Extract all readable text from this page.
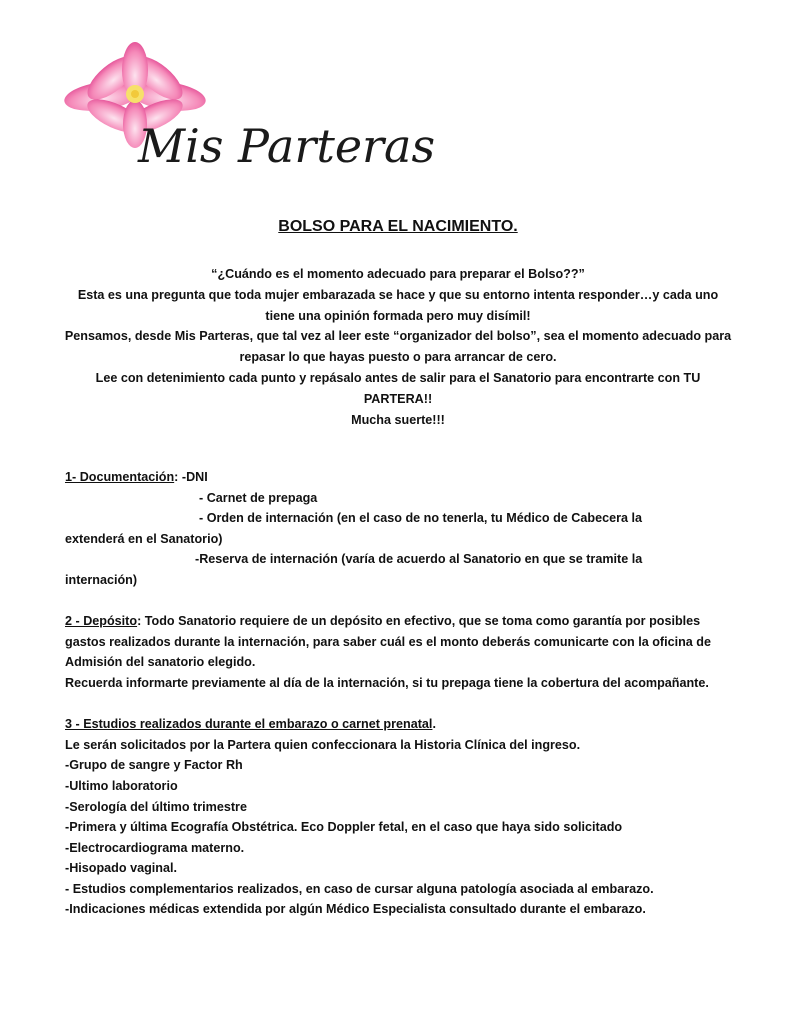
Mis Parteras
BOLSO PARA EL NACIMIENTO.

“¿Cuándo es el momento adecuado para preparar el Bolso??”

Esta es una pregunta que toda mujer embarazada se hace y que su entorno intenta responder…y cada uno tiene una opinión formada pero muy disímil!

Pensamos, desde Mis Parteras, que tal vez al leer este “organizador del bolso”, sea el momento adecuado para repasar lo que hayas puesto o para arrancar de cero.

Lee con detenimiento cada punto y repásalo antes de salir para el Sanatorio para encontrarte con TU PARTERA!!

Mucha suerte!!!

1- Documentación: -DNI

- Carnet de prepaga

- Orden de internación (en el caso de no tenerla, tu Médico de Cabecera la

extenderá en el Sanatorio)

-Reserva de internación (varía de acuerdo al Sanatorio en que se tramite la

internación)

2 - Depósito: Todo Sanatorio requiere de un depósito en efectivo, que se toma como garantía por posibles gastos realizados durante la internación, para saber cuál es el monto deberás comunicarte con la oficina de Admisión del sanatorio elegido.

Recuerda informarte previamente al día de la internación, si tu prepaga tiene la cobertura del acompañante.

3 - Estudios realizados durante el embarazo o carnet prenatal.

Le serán solicitados por la Partera quien confeccionara la Historia Clínica del ingreso.

-Grupo de sangre y Factor Rh

-Ultimo laboratorio

-Serología del último trimestre

-Primera y última Ecografía Obstétrica. Eco Doppler fetal, en el caso que haya sido solicitado

-Electrocardiograma materno.

-Hisopado vaginal.

- Estudios complementarios realizados, en caso de cursar alguna patología asociada al embarazo.

-Indicaciones médicas extendida por algún Médico Especialista consultado durante el embarazo.
